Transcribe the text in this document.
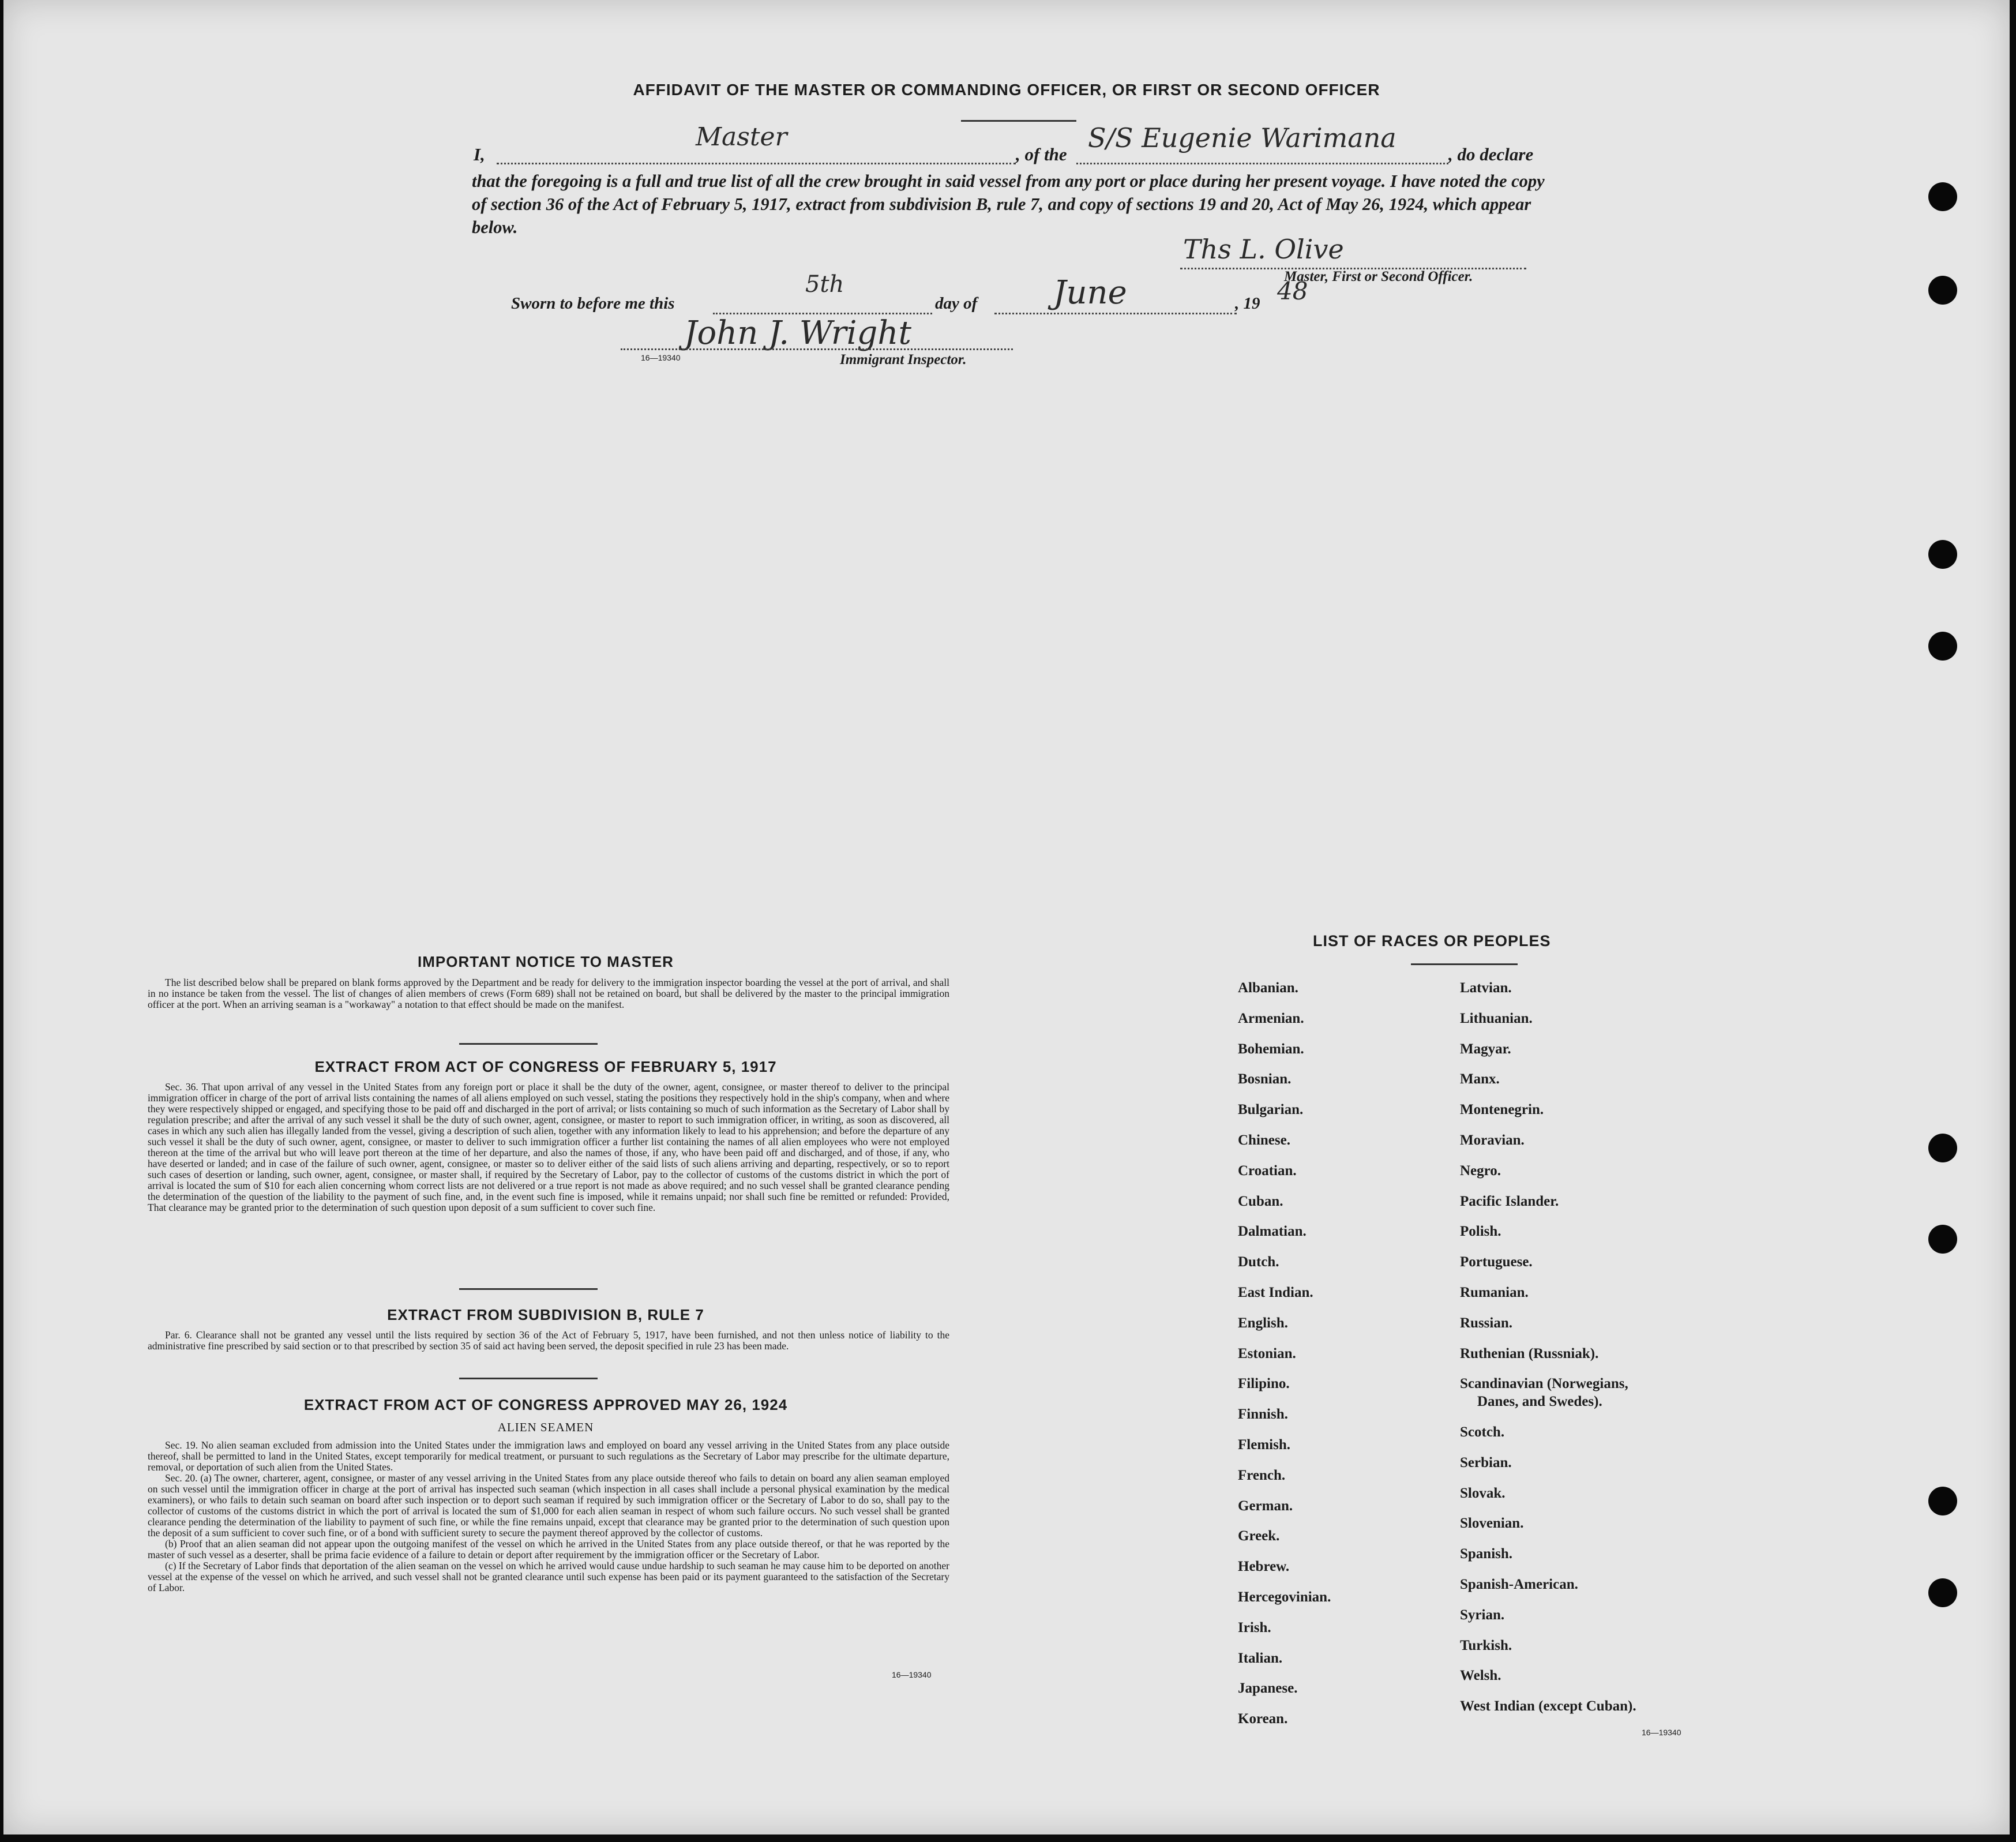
AFFIDAVIT OF THE MASTER OR COMMANDING OFFICER, OR FIRST OR SECOND OFFICER
I,
Master
, of the
S/S Eugenie Warimana
, do declare
that the foregoing is a full and true list of all the crew brought in said vessel from any port or place during her present voyage. I have noted the copy of section 36 of the Act of February 5, 1917, extract from subdivision B, rule 7, and copy of sections 19 and 20, Act of May 26, 1924, which appear below.
Ths L. Olive
Master, First or Second Officer.
Sworn to before me this
5th
day of June	, 19 48
John J. Wright
16—19340	Immigrant Inspector.
IMPORTANT NOTICE TO MASTER

The list described below shall be prepared on blank forms approved by the Department and be ready for delivery to the immigration inspector boarding the vessel at the port of arrival, and shall in no instance be taken from the vessel. The list of changes of alien members of crews (Form 689) shall not be retained on board, but shall be delivered by the master to the principal immigration officer at the port. When an arriving seaman is a "workaway" a notation to that effect should be made on the manifest.

EXTRACT FROM ACT OF CONGRESS OF FEBRUARY 5, 1917

Sec. 36. That upon arrival of any vessel in the United States from any foreign port or place it shall be the duty of the owner, agent, consignee, or master thereof to deliver to the principal immigration officer in charge of the port of arrival lists containing the names of all aliens employed on such vessel, stating the positions they respectively hold in the ship's company, when and where they were respectively shipped or engaged, and specifying those to be paid off and discharged in the port of arrival; or lists containing so much of such information as the Secretary of Labor shall by regulation prescribe; and after the arrival of any such vessel it shall be the duty of such owner, agent, consignee, or master to report to such immigration officer, in writing, as soon as discovered, all cases in which any such alien has illegally landed from the vessel, giving a description of such alien, together with any information likely to lead to his apprehension; and before the departure of any such vessel it shall be the duty of such owner, agent, consignee, or master to deliver to such immigration officer a further list containing the names of all alien employees who were not employed thereon at the time of the arrival but who will leave port thereon at the time of her departure, and also the names of those, if any, who have been paid off and discharged, and of those, if any, who have deserted or landed; and in case of the failure of such owner, agent, consignee, or master so to deliver either of the said lists of such aliens arriving and departing, respectively, or so to report such cases of desertion or landing, such owner, agent, consignee, or master shall, if required by the Secretary of Labor, pay to the collector of customs of the customs district in which the port of arrival is located the sum of $10 for each alien concerning whom correct lists are not delivered or a true report is not made as above required; and no such vessel shall be granted clearance pending the determination of the question of the liability to the payment of such fine, and, in the event such fine is imposed, while it remains unpaid; nor shall such fine be remitted or refunded: Provided, That clearance may be granted prior to the determination of such question upon deposit of a sum sufficient to cover such fine.

EXTRACT FROM SUBDIVISION B, RULE 7

Par. 6. Clearance shall not be granted any vessel until the lists required by section 36 of the Act of February 5, 1917, have been furnished, and not then unless notice of liability to the administrative fine prescribed by said section or to that prescribed by section 35 of said act having been served, the deposit specified in rule 23 has been made.

EXTRACT FROM ACT OF CONGRESS APPROVED MAY 26, 1924
ALIEN SEAMEN

Sec. 19. No alien seaman excluded from admission into the United States under the immigration laws and employed on board any vessel arriving in the United States from any place outside thereof, shall be permitted to land in the United States, except temporarily for medical treatment, or pursuant to such regulations as the Secretary of Labor may prescribe for the ultimate departure, removal, or deportation of such alien from the United States.

Sec. 20. (a) The owner, charterer, agent, consignee, or master of any vessel arriving in the United States from any place outside thereof who fails to detain on board any alien seaman employed on such vessel until the immigration officer in charge at the port of arrival has inspected such seaman (which inspection in all cases shall include a personal physical examination by the medical examiners), or who fails to detain such seaman on board after such inspection or to deport such seaman if required by such immigration officer or the Secretary of Labor to do so, shall pay to the collector of customs of the customs district in which the port of arrival is located the sum of $1,000 for each alien seaman in respect of whom such failure occurs. No such vessel shall be granted clearance pending the determination of the liability to payment of such fine, or while the fine remains unpaid, except that clearance may be granted prior to the determination of such question upon the deposit of a sum sufficient to cover such fine, or of a bond with sufficient surety to secure the payment thereof approved by the collector of customs.

(b) Proof that an alien seaman did not appear upon the outgoing manifest of the vessel on which he arrived in the United States from any place outside thereof, or that he was reported by the master of such vessel as a deserter, shall be prima facie evidence of a failure to detain or deport after requirement by the immigration officer or the Secretary of Labor.

(c) If the Secretary of Labor finds that deportation of the alien seaman on the vessel on which he arrived would cause undue hardship to such seaman he may cause him to be deported on another vessel at the expense of the vessel on which he arrived, and such vessel shall not be granted clearance until such expense has been paid or its payment guaranteed to the satisfaction of the Secretary of Labor.

16—19340
LIST OF RACES OR PEOPLES
Albanian.
Armenian.
Bohemian.
Bosnian.
Bulgarian.
Chinese.
Croatian.
Cuban.
Dalmatian.
Dutch.
East Indian.
English.
Estonian.
Filipino.
Finnish.
Flemish.
French.
German.
Greek.
Hebrew.
Hercegovinian.
Irish.
Italian.
Japanese.
Korean.
Latvian.
Lithuanian.
Magyar.
Manx.
Montenegrin.
Moravian.
Negro.
Pacific Islander.
Polish.
Portuguese.
Rumanian.
Russian.
Ruthenian (Russniak).
Scandinavian (Norwegians,
Danes, and Swedes).
Scotch.
Serbian.
Slovak.
Slovenian.
Spanish.
Spanish-American.
Syrian.
Turkish.
Welsh.
West Indian (except Cuban).
16—19340
